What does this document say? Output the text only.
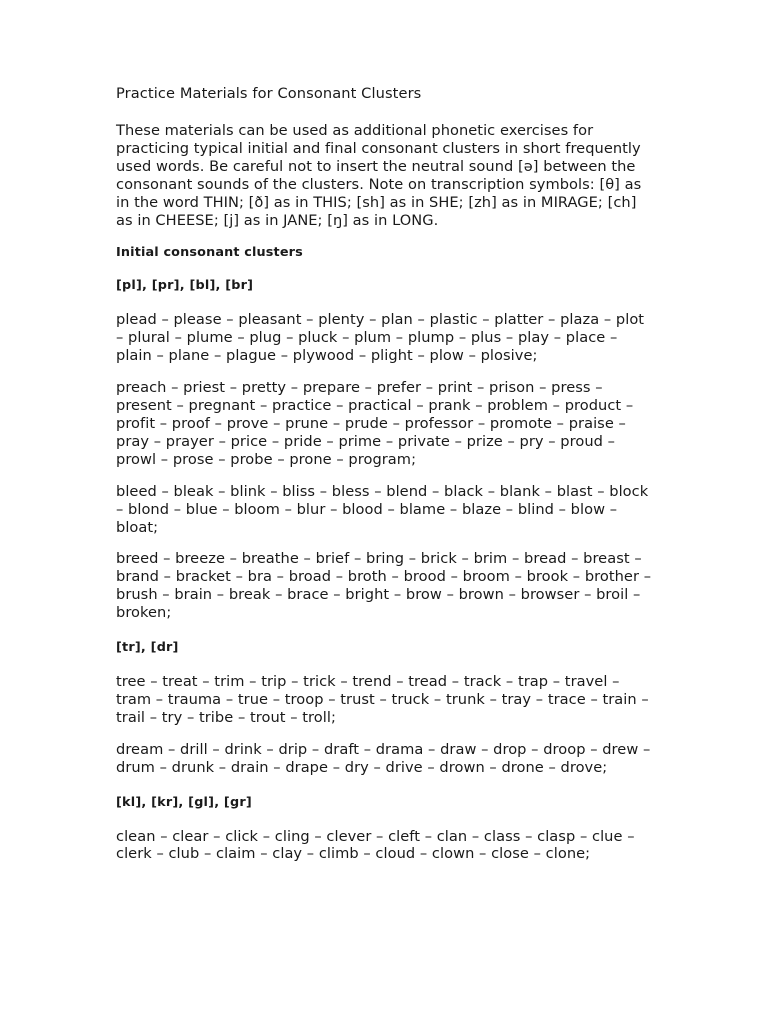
Practice Materials for Consonant Clusters

These materials can be used as additional phonetic exercises for practicing typical initial and final consonant clusters in short frequently used words. Be careful not to insert the neutral sound [ə] between the consonant sounds of the clusters. Note on transcription symbols: [θ] as in the word THIN; [ð] as in THIS; [sh] as in SHE; [zh] as in MIRAGE; [ch] as in CHEESE; [j] as in JANE; [ŋ] as in LONG.

Initial consonant clusters
[pl], [pr], [bl], [br]

plead – please – pleasant – plenty – plan – plastic – platter – plaza – plot – plural – plume – plug – pluck – plum – plump – plus – play – place – plain – plane – plague – plywood – plight – plow – plosive;

preach – priest – pretty – prepare – prefer – print – prison – press – present – pregnant – practice – practical – prank – problem – product – profit – proof – prove – prune – prude – professor – promote – praise – pray – prayer – price – pride – prime – private – prize – pry – proud – prowl – prose – probe – prone – program;

bleed – bleak – blink – bliss – bless – blend – black – blank – blast – block – blond – blue – bloom – blur – blood – blame – blaze – blind – blow – bloat;

breed – breeze – breathe – brief – bring – brick – brim – bread – breast – brand – bracket – bra – broad – broth – brood – broom – brook – brother – brush – brain – break – brace – bright – brow – brown – browser – broil – broken;

[tr], [dr]

tree – treat – trim – trip – trick – trend – tread – track – trap – travel – tram – trauma – true – troop – trust – truck – trunk – tray – trace – train – trail – try – tribe – trout – troll;

dream – drill – drink – drip – draft – drama – draw – drop – droop – drew – drum – drunk – drain – drape – dry – drive – drown – drone – drove;

[kl], [kr], [gl], [gr]

clean – clear – click – cling – clever – cleft – clan – class – clasp – clue – clerk – club – claim – clay – climb – cloud – clown – close – clone;
